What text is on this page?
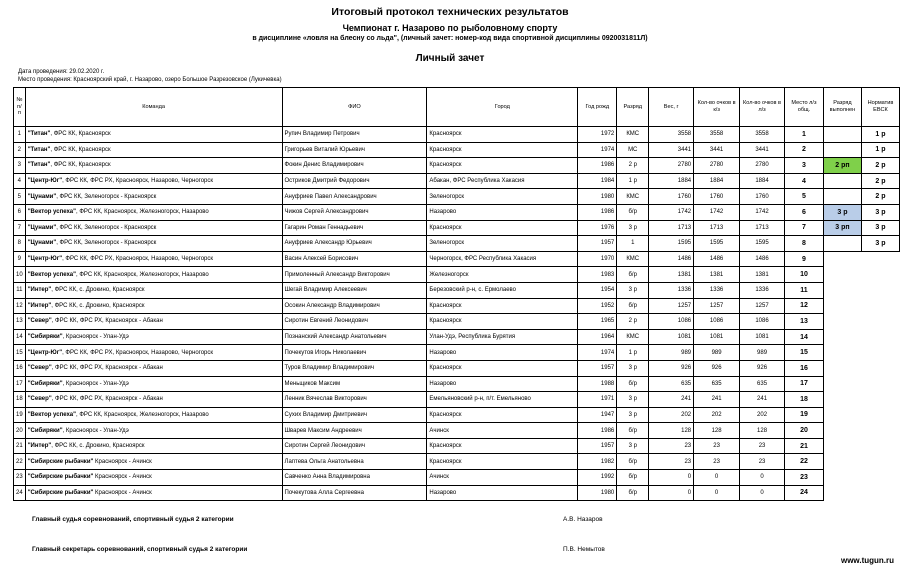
Итоговый протокол технических результатов
Чемпионат г. Назарово по рыболовному спорту
в дисциплине «ловля на блесну со льда", (личный зачет: номер-код вида спортивной дисциплины 0920031811Л)
Личный зачет
Дата проведения: 29.02.2020 г.
Место проведения: Красноярский край, г. Назарово, озеро Большое Разрезовское (Лукичевка)
№ п/п	Команда	ФИО	Город	Год рожд	Разряд	Вес, г	Кол-во очков в к/з	Кол-во очков в л/з	Место л/з общ.	Разряд выполнен	Норматив ЕВСК
1	"Титан", ФРС КК, Красноярск	Рупич Владимир Петрович	Красноярск	1972	КМС	3558	3558	3558	1		1 р
2	"Титан", ФРС КК, Красноярск	Григорьев Виталий Юрьевич	Красноярск	1974	МС	3441	3441	3441	2		1 р
3	"Титан", ФРС КК, Красноярск	Фокин Денис Владимирович	Красноярск	1986	2 р	2780	2780	2780	3	2 рп	2 р
4	"Центр-Юг", ФРС КК, ФРС РХ, Красноярск, Назарово, Черногорск	Остриков Дмитрий Федорович	Абакан, ФРС Республика Хакасия	1984	1 р	1884	1884	1884	4		2 р
5	"Цунами", ФРС КК, Зеленогорск - Красноярск	Ануфриев Павел Александрович	Зеленогорск	1980	КМС	1760	1760	1760	5		2 р
6	"Вектор успеха", ФРС КК, Красноярск, Железногорск, Назарово	Чижов Сергей Александрович	Назарово	1986	б/р	1742	1742	1742	6	3 р	3 р
7	"Цунами", ФРС КК, Зеленогорск - Красноярск	Гагарин Роман Геннадьевич	Красноярск	1976	3 р	1713	1713	1713	7	3 рп	3 р
8	"Цунами", ФРС КК, Зеленогорск - Красноярск	Ануфриев Александр Юрьевич	Зеленогорск	1957	1	1595	1595	1595	8		3 р
9	"Центр-Юг", ФРС КК, ФРС РХ, Красноярск, Назарово, Черногорск	Васин Алексей Борисович	Черногорск, ФРС Республика Хакасия	1970	КМС	1486	1486	1486	9		
10	"Вектор успеха", ФРС КК, Красноярск, Железногорск, Назарово	Примоленный Александр Викторович	Железногорск	1983	б/р	1381	1381	1381	10		
11	"Интер", ФРС КК, с. Дрокино, Красноярск	Шегай Владимир Алексеевич	Березовский р-н, с. Ермолаево	1954	3 р	1336	1336	1336	11		
12	"Интер", ФРС КК, с. Дрокино, Красноярск	Осокин Александр Владимирович	Красноярск	1952	б/р	1257	1257	1257	12		
13	"Север", ФРС КК, ФРС РХ, Красноярск - Абакан	Сиротин Евгений Леонидович	Красноярск	1965	2 р	1086	1086	1086	13		
14	"Сибиряки", Красноярск - Улан-Удэ	Познанский Александр Анатольевич	Улан-Удэ, Республика Бурятия	1964	КМС	1081	1081	1081	14		
15	"Центр-Юг", ФРС КК, ФРС РХ, Красноярск, Назарово, Черногорск	Почекутов Игорь Николаевич	Назарово	1974	1 р	989	989	989	15		
16	"Север", ФРС КК, ФРС РХ, Красноярск - Абакан	Туров Владимир Владимирович	Красноярск	1957	3 р	926	926	926	16		
17	"Сибиряки", Красноярск - Улан-Удэ	Меньщиков Максим	Назарово	1988	б/р	635	635	635	17		
18	"Север", ФРС КК, ФРС РХ, Красноярск - Абакан	Ленник Вячеслав Викторович	Емельяновский р-н, п/т. Емельяново	1971	3 р	241	241	241	18		
19	"Вектор успеха", ФРС КК, Красноярск, Железногорск, Назарово	Сухих Владимир Дмитриевич	Красноярск	1947	3 р	202	202	202	19		
20	"Сибиряки", Красноярск - Улан-Удэ	Шварев Максим Андреевич	Ачинск	1986	б/р	128	128	128	20		
21	"Интер", ФРС КК, с. Дрокино, Красноярск	Сиротин Сергей Леонидович	Красноярск	1957	3 р	23	23	23	21		
22	"Сибирские рыбачки" Красноярск - Ачинск	Лаптева Ольга Анатольевна	Красноярск	1982	б/р	23	23	23	22		
23	"Сибирские рыбачки" Красноярск - Ачинск	Савченко Анна Владимировна	Ачинск	1992	б/р	0	0	0	23		
24	"Сибирские рыбачки" Красноярск - Ачинск	Почекутова Алла Сергеевна	Назарово	1980	б/р	0	0	0	24		
Главный судья соревнований, спортивный судья 2 категории	А.В. Назаров
Главный секретарь соревнований, спортивный судья 2 категории	П.В. Немытов
www.tugun.ru
